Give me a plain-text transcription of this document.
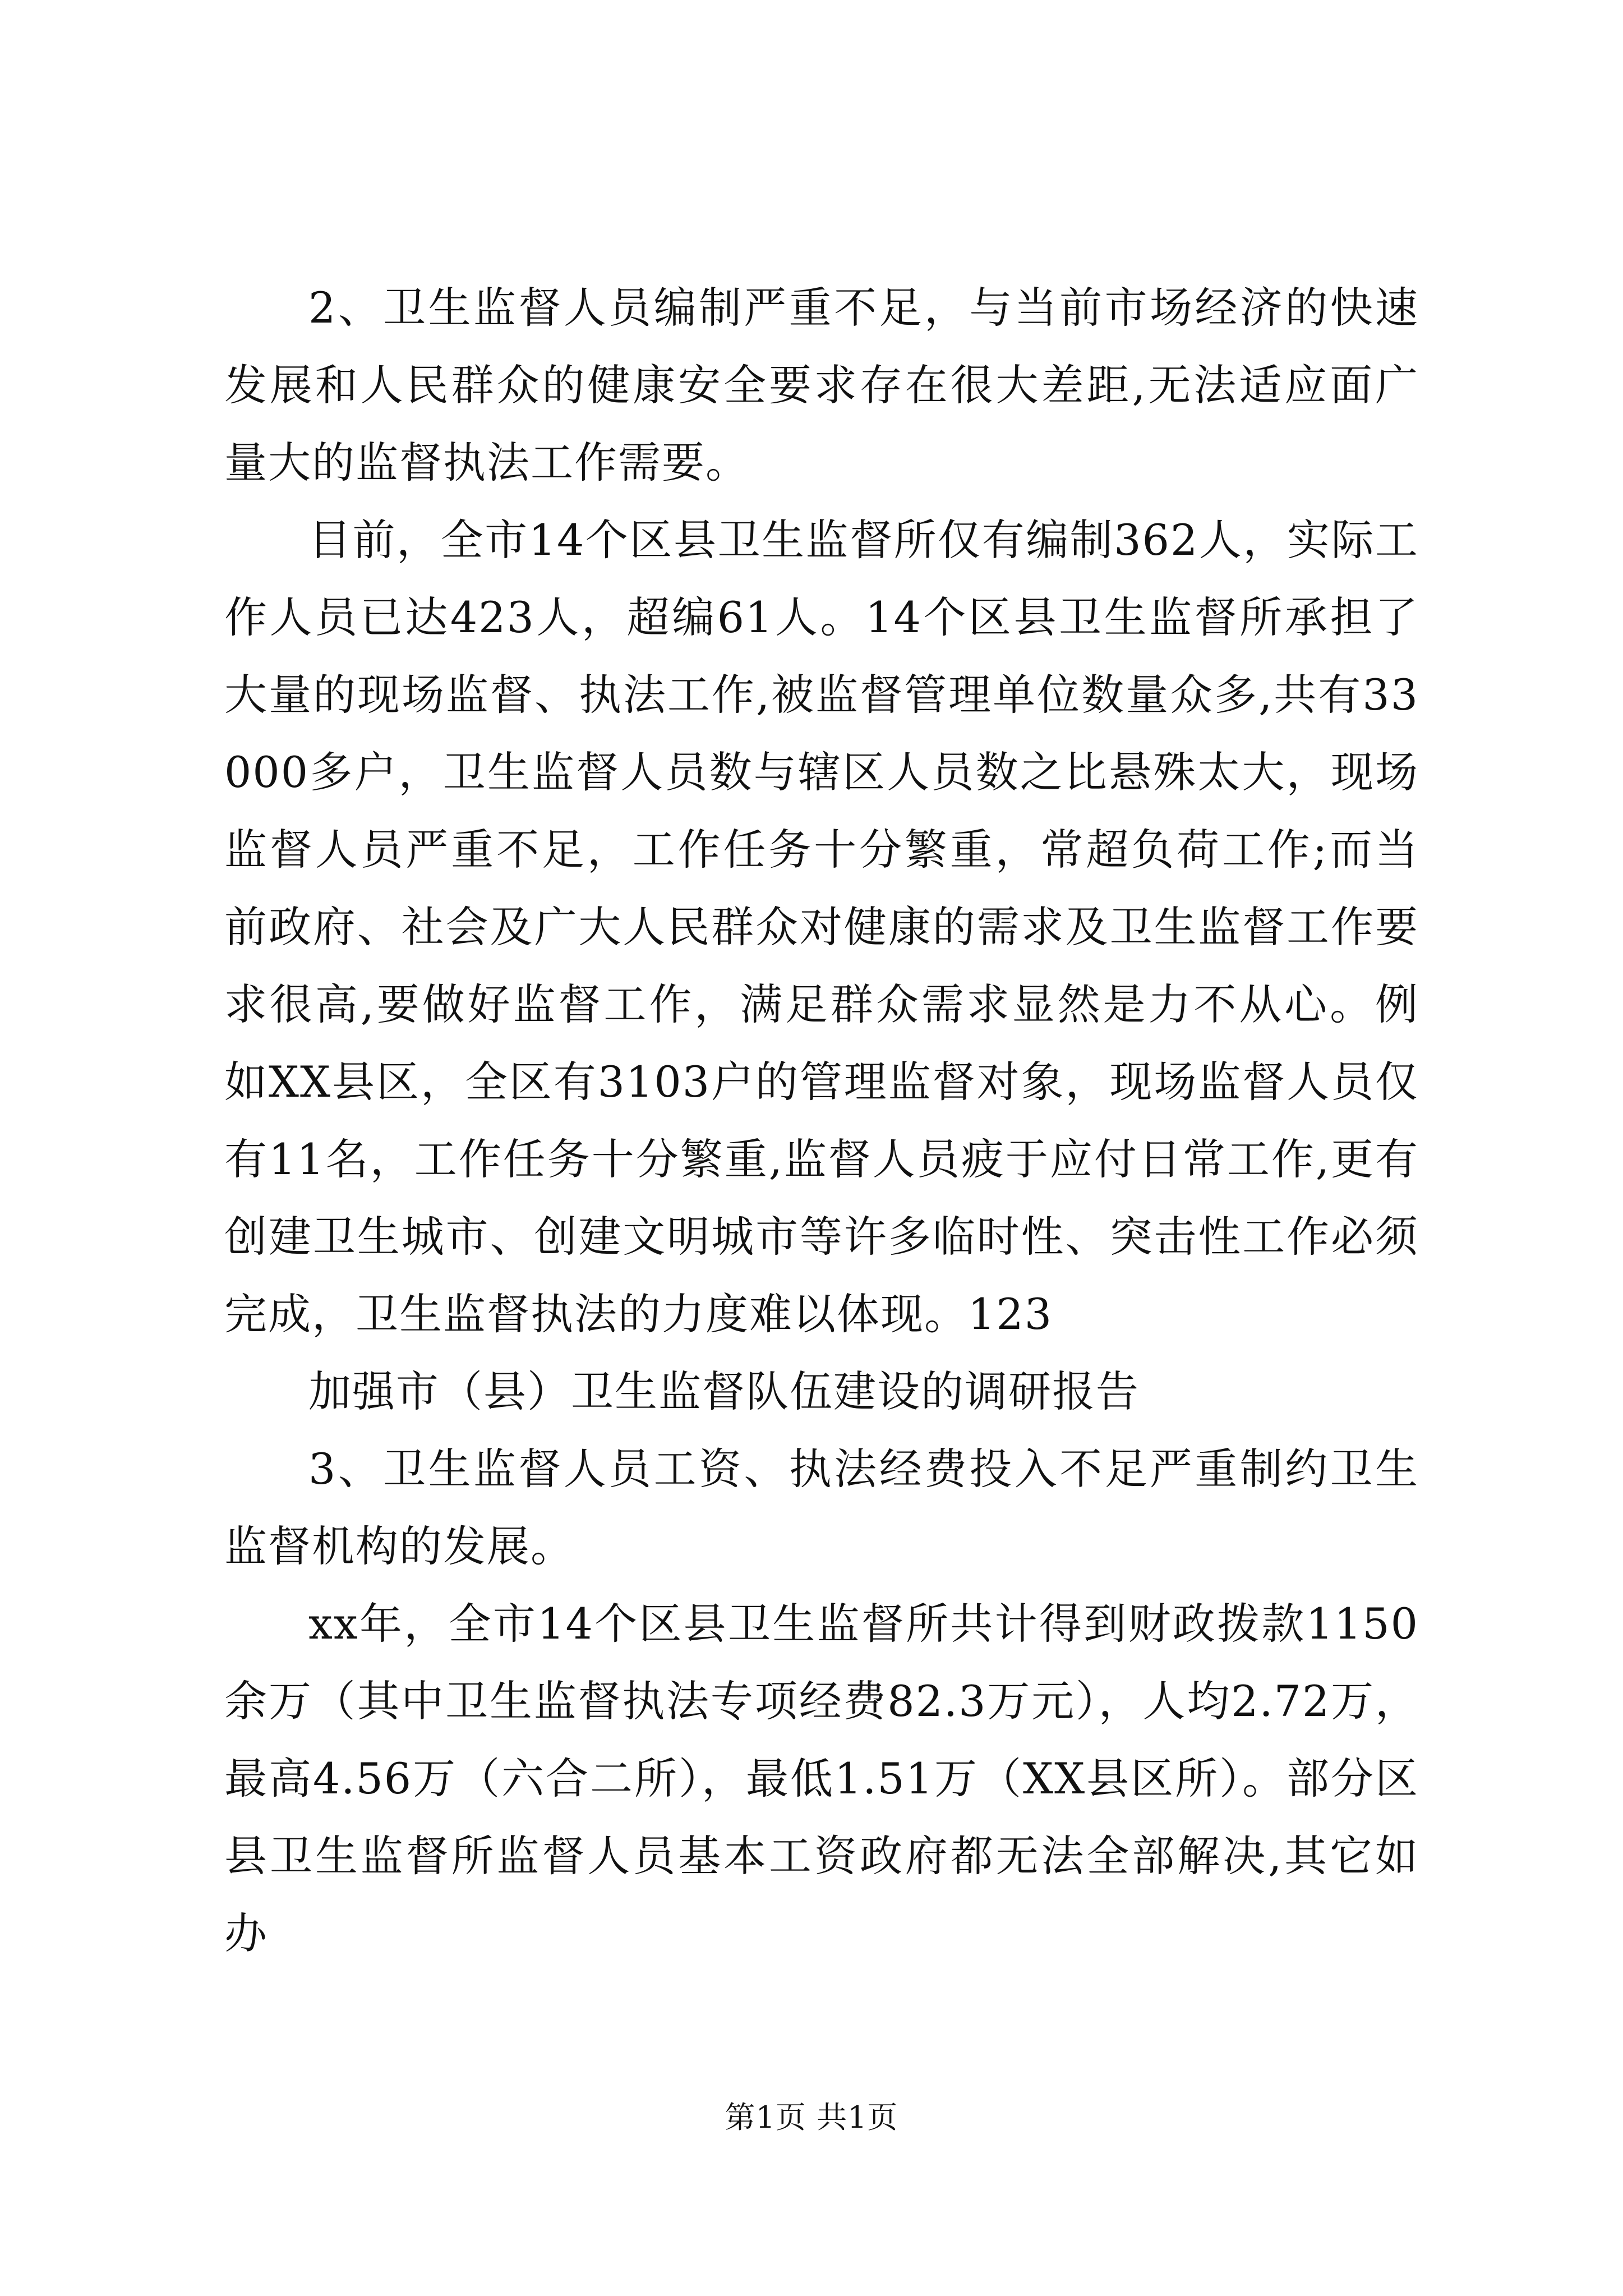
2、卫生监督人员编制严重不足，与当前市场经济的快速发展和人民群众的健康安全要求存在很大差距,无法适应面广量大的监督执法工作需要。

目前，全市14个区县卫生监督所仅有编制362人，实际工作人员已达423人，超编61人。14个区县卫生监督所承担了大量的现场监督、执法工作,被监督管理单位数量众多,共有33000多户，卫生监督人员数与辖区人员数之比悬殊太大，现场监督人员严重不足，工作任务十分繁重，常超负荷工作;而当前政府、社会及广大人民群众对健康的需求及卫生监督工作要求很高,要做好监督工作，满足群众需求显然是力不从心。例如XX县区，全区有3103户的管理监督对象，现场监督人员仅有11名，工作任务十分繁重,监督人员疲于应付日常工作,更有创建卫生城市、创建文明城市等许多临时性、突击性工作必须完成，卫生监督执法的力度难以体现。123

加强市（县）卫生监督队伍建设的调研报告

3、卫生监督人员工资、执法经费投入不足严重制约卫生监督机构的发展。

xx年，全市14个区县卫生监督所共计得到财政拨款1150余万（其中卫生监督执法专项经费82.3万元），人均2.72万，最高4.56万（六合二所），最低1.51万（XX县区所）。部分区县卫生监督所监督人员基本工资政府都无法全部解决,其它如办

第1页 共1页
